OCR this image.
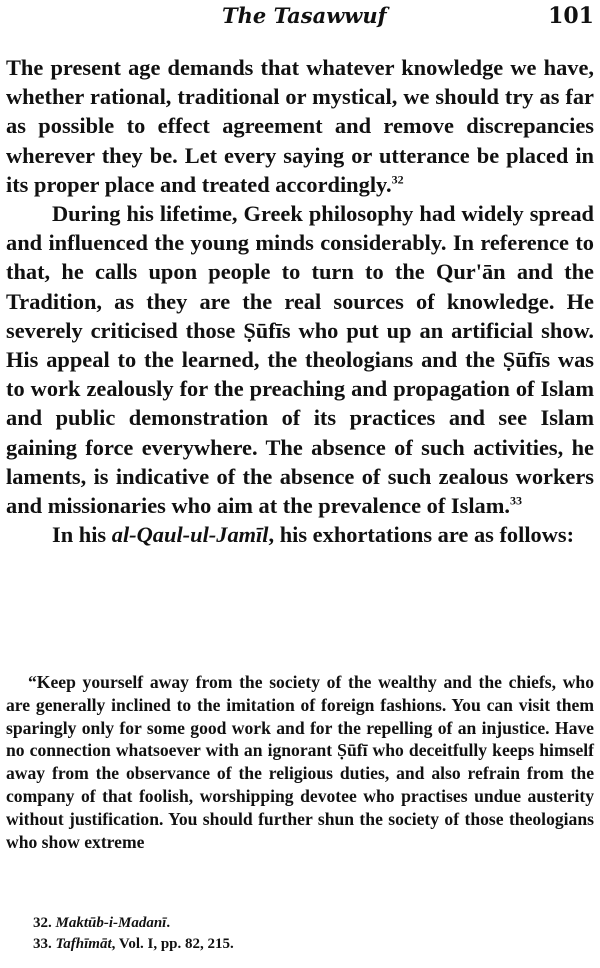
The Tasawwuf	101

The present age demands that whatever knowledge we have, whether rational, traditional or mystical, we should try as far as possible to effect agreement and remove discrepancies wherever they be. Let every saying or utterance be placed in its proper place and treated accordingly.$^{32}$

During his lifetime, Greek philosophy had widely spread and influenced the young minds considerably. In reference to that, he calls upon people to turn to the Qur'ān and the Tradition, as they are the real sources of knowledge. He severely criticised those Ṣūfīs who put up an artificial show. His appeal to the learned, the theologians and the Ṣūfīs was to work zealously for the preaching and propagation of Islam and public demonstration of its practices and see Islam gaining force everywhere. The absence of such activities, he laments, is indicative of the absence of such zealous workers and missionaries who aim at the prevalence of Islam.$^{33}$

In his al-Qaul-ul-Jamīl, his exhortations are as follows:

“Keep yourself away from the society of the wealthy and the chiefs, who are generally inclined to the imitation of foreign fashions. You can visit them sparingly only for some good work and for the repelling of an injustice. Have no connection whatsoever with an ignorant Ṣūfī who deceitfully keeps himself away from the observance of the religious duties, and also refrain from the company of that foolish, worshipping devotee who practises undue austerity without justification. You should further shun the society of those theologians who show extreme

32. Maktūb-i-Madanī.
33. Tafhīmāt, Vol. I, pp. 82, 215.
